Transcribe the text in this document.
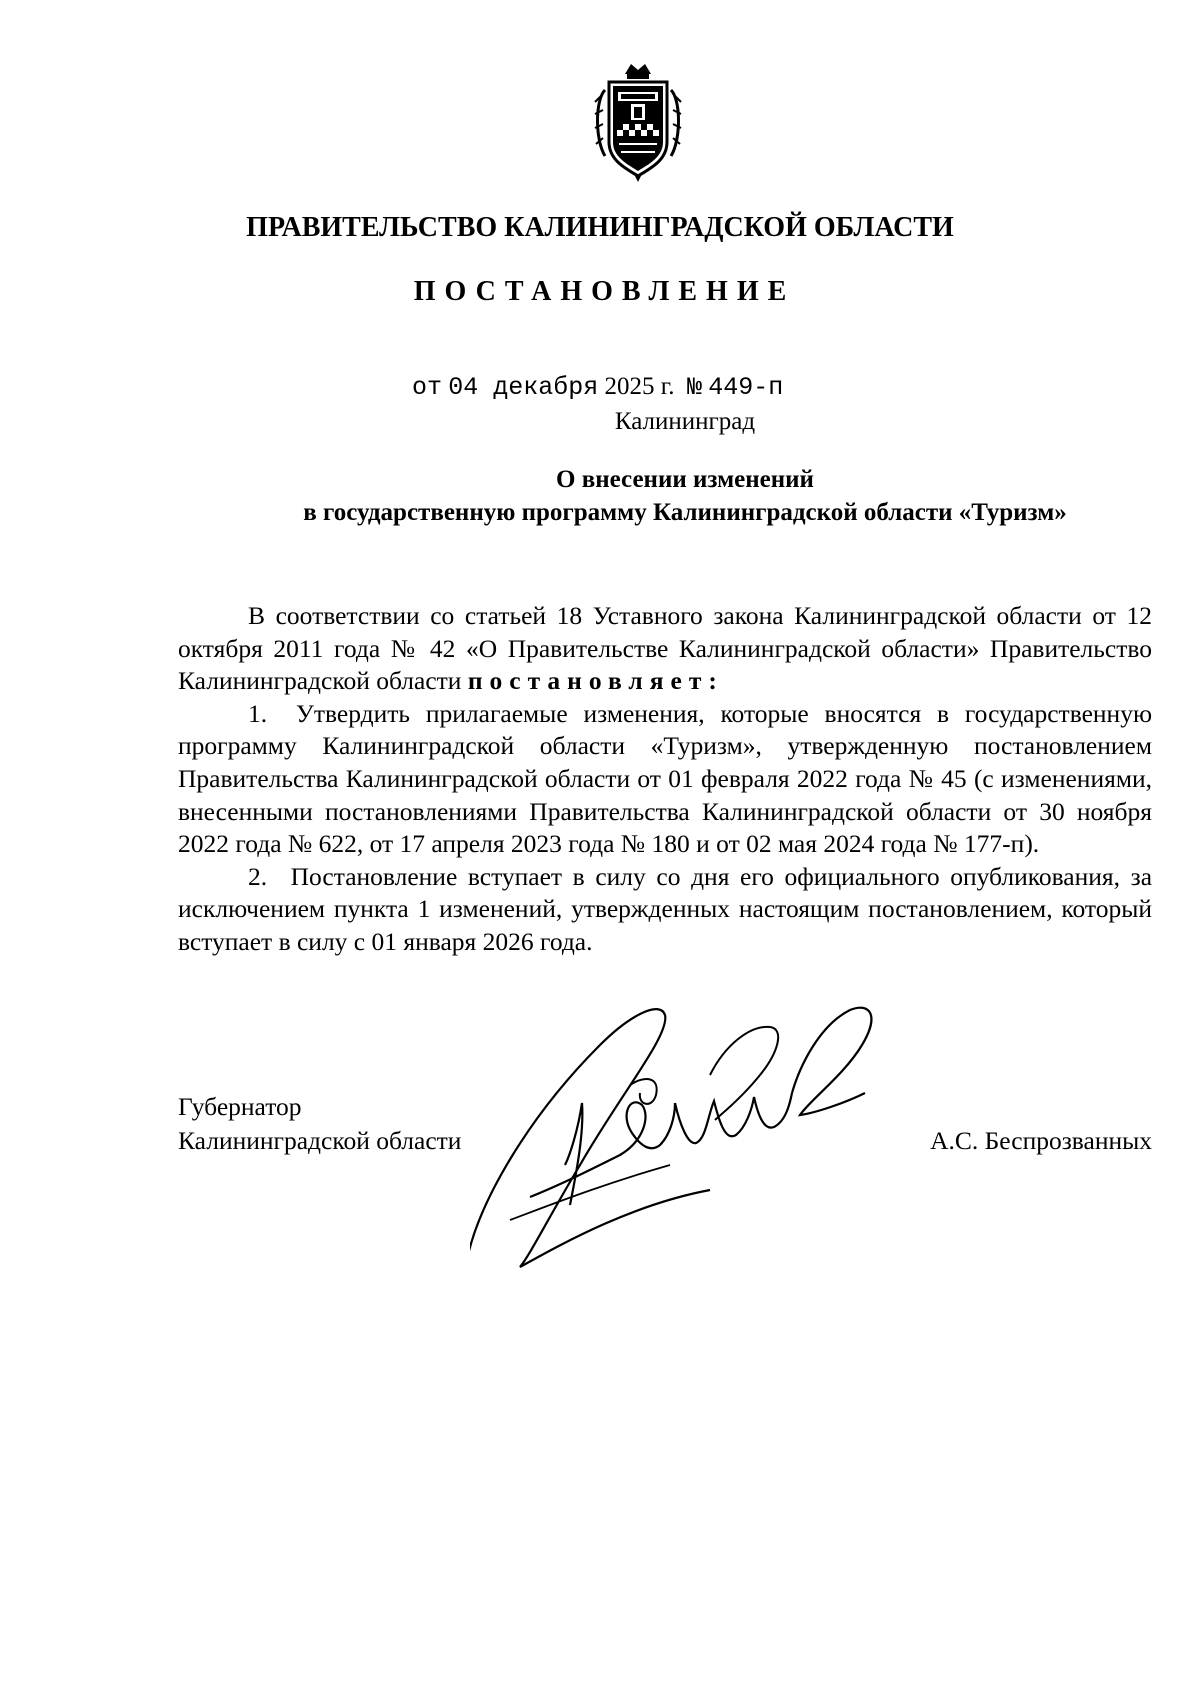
ПРАВИТЕЛЬСТВО КАЛИНИНГРАДСКОЙ ОБЛАСТИ
ПОСТАНОВЛЕНИЕ
от 04 декабря 2025 г. № 449-п
Калининград
О внесении изменений
в государственную программу Калининградской области «Туризм»

В соответствии со статьей 18 Уставного закона Калининградской области от 12 октября 2011 года № 42 «О Правительстве Калининградской области» Правительство Калининградской области постановляет:

1. Утвердить прилагаемые изменения, которые вносятся в государственную программу Калининградской области «Туризм», утвержденную постановлением Правительства Калининградской области от 01 февраля 2022 года № 45 (с изменениями, внесенными постановлениями Правительства Калининградской области от 30 ноября 2022 года № 622, от 17 апреля 2023 года № 180 и от 02 мая 2024 года № 177-п).

2. Постановление вступает в силу со дня его официального опубликования, за исключением пункта 1 изменений, утвержденных настоящим постановлением, который вступает в силу с 01 января 2026 года.

Губернатор
Калининградской области	А.С. Беспрозванных
